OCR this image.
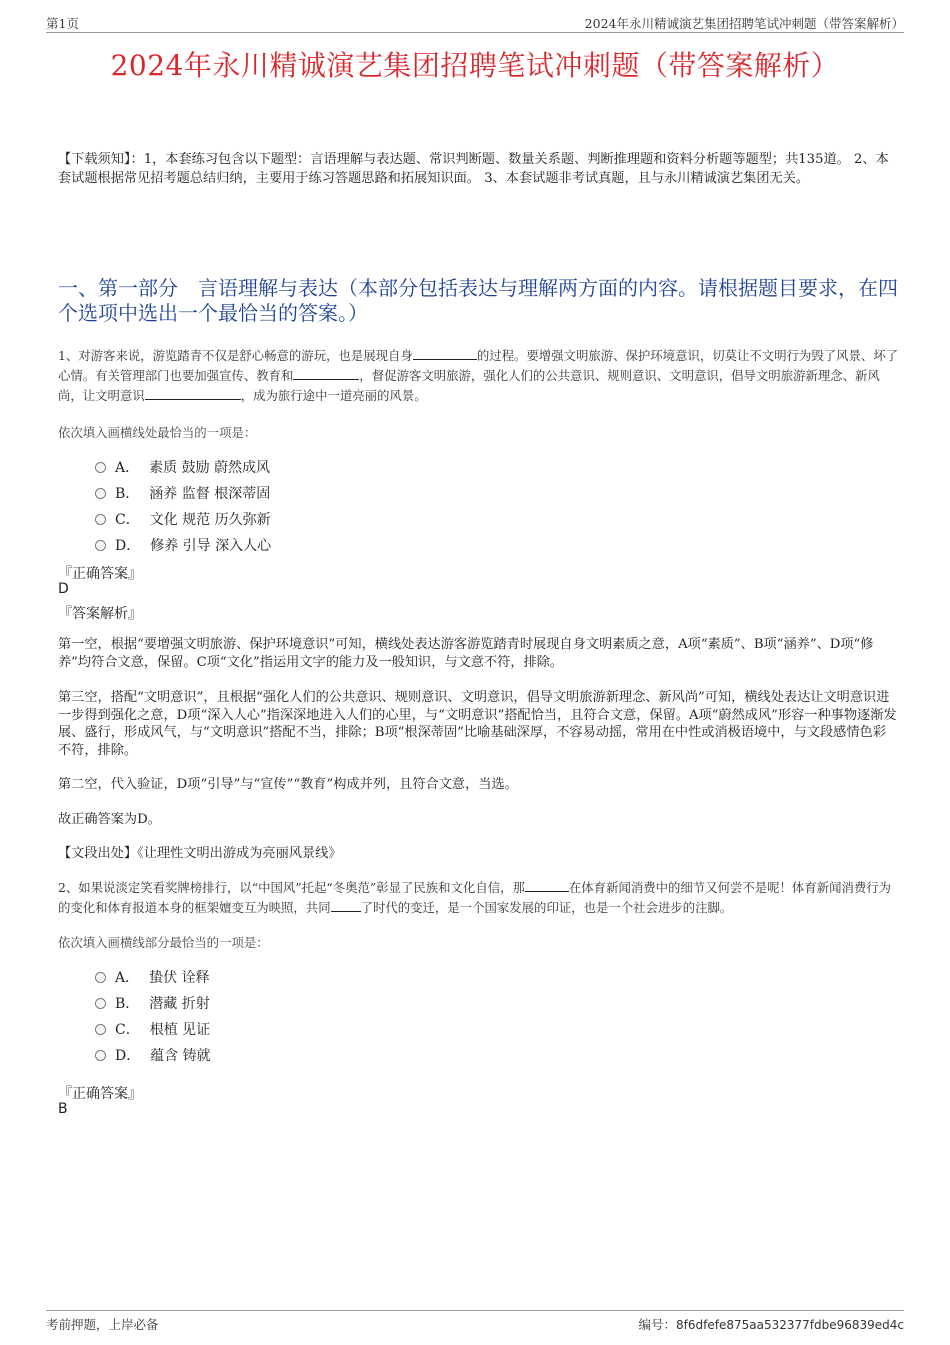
第1页	2024年永川精诚演艺集团招聘笔试冲刺题（带答案解析）
2024年永川精诚演艺集团招聘笔试冲刺题（带答案解析）
【下载须知】：1，本套练习包含以下题型：言语理解与表达题、常识判断题、数量关系题、判断推理题和资料分析题等题型；共135道。 2、本套试题根据常见招考题总结归纳，主要用于练习答题思路和拓展知识面。 3、本套试题非考试真题，且与永川精诚演艺集团无关。
一、第一部分　言语理解与表达（本部分包括表达与理解两方面的内容。请根据题目要求，在四个选项中选出一个最恰当的答案。）
1、对游客来说，游览踏青不仅是舒心畅意的游玩，也是展现自身	的过程。要增强文明旅游、保护环境意识，切莫让不文明行为毁了风景、坏了心情。有关管理部门也要加强宣传、教育和	，督促游客文明旅游，强化人们的公共意识、规则意识、文明意识，倡导文明旅游新理念、新风尚，让文明意识	，成为旅行途中一道亮丽的风景。
依次填入画横线处最恰当的一项是：
A． 素质 鼓励 蔚然成风
B． 涵养 监督 根深蒂固
C． 文化 规范 历久弥新
D． 修养 引导 深入人心
『正确答案』
D
『答案解析』
第一空，根据“要增强文明旅游、保护环境意识”可知，横线处表达游客游览踏青时展现自身文明素质之意，A项“素质”、B项“涵养”、D项“修养”均符合文意，保留。C项“文化”指运用文字的能力及一般知识，与文意不符，排除。
第三空，搭配“文明意识”，且根据“强化人们的公共意识、规则意识、文明意识，倡导文明旅游新理念、新风尚”可知，横线处表达让文明意识进一步得到强化之意，D项“深入人心”指深深地进入人们的心里，与“文明意识”搭配恰当，且符合文意，保留。A项“蔚然成风”形容一种事物逐渐发展、盛行，形成风气，与“文明意识”搭配不当，排除；B项“根深蒂固”比喻基础深厚，不容易动摇，常用在中性或消极语境中，与文段感情色彩不符，排除。
第二空，代入验证，D项“引导”与“宣传”“教育”构成并列，且符合文意，当选。
故正确答案为D。
【文段出处】《让理性文明出游成为亮丽风景线》
2、如果说淡定笑看奖牌榜排行，以“中国风”托起“冬奥范”彰显了民族和文化自信，那	在体育新闻消费中的细节又何尝不是呢！体育新闻消费行为的变化和体育报道本身的框架嬗变互为映照，共同 了时代的变迁，是一个国家发展的印证，也是一个社会进步的注脚。
依次填入画横线部分最恰当的一项是：
A． 蛰伏 诠释
B． 潜藏 折射
C． 根植 见证
D． 蕴含 铸就
『正确答案』
B
考前押题，上岸必备	编号：8f6dfefe875aa532377fdbe96839ed4c
